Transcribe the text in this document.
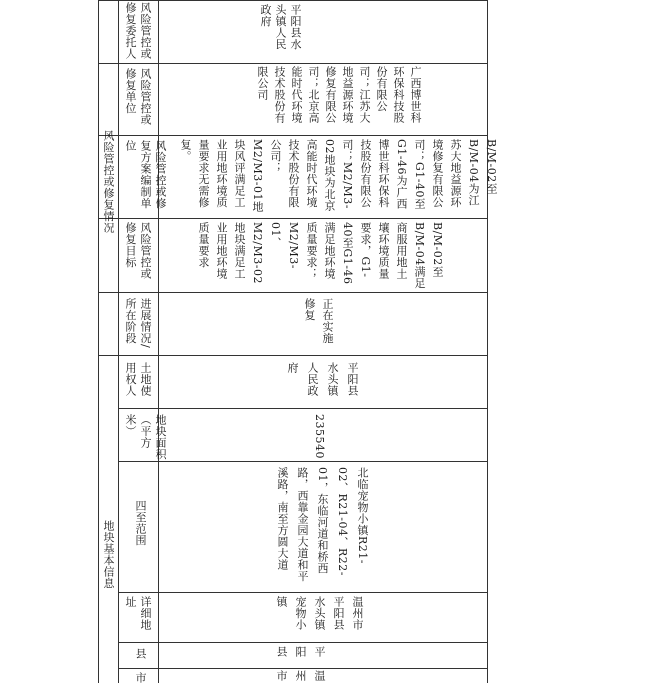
风险管控或修复情况
地块基本信息
风险管控或修复委托人
风险管控或修复单位
风险管控或修复方案编制单位
风险管控或修复目标
进展情况/所在阶段
土地使用权人
地块面积（平方米）
四至范围
详细地址
县
市
平阳县水头镇人民政府
广西博世科环保科技股份有限公司；江苏大地益源环境修复有限公司；北京高能时代环境技术股份有限公司
B/M-02至B/M-04为江苏大地益源环境修复有限公司；G1-40至G1-46为广西博世科环保科技股份有限公司；M2/M3-02地块为北京高能时代环境技术股份有限公司；M2/M3-01地块风评满足工业用地环境质量要求无需修复。
B/M-02至B/M-04满足商服用地土壤环境质量要求，G1-40至G1-46满足地环境质量要求；M2/M3-01、M2/M3-02地块满足工业用地环境质量要求
正在实施修复
平阳县水头镇人民政府
235540
北临宠物小镇R21-02、R21-04、R22-01，东临河道和桥西路，西靠金园大道和平溪路，南至方圆大道
温州市平阳县水头镇宠物小镇
平阳县
温州市
